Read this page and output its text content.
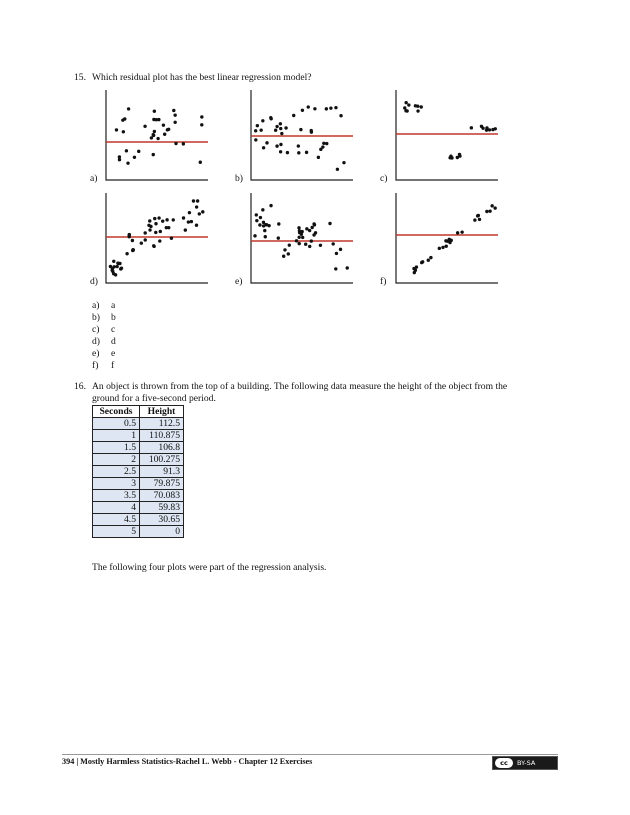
15. Which residual plot has the best linear regression model?
a)	b)	c)
d)	e)	f)
a) a
b) b
c) c
d) d
e) e
f) f
16. An object is thrown from the top of a building. The following data measure the height of the object from the
ground for a five-second period.
Seconds	Height
0.5	112.5
1	110.875
1.5	106.8
2	100.275
2.5	91.3
3	79.875
3.5	70.083
4	59.83
4.5	30.65
5	0
The following four plots were part of the regression analysis.
394 | Mostly Harmless Statistics-Rachel L. Webb - Chapter 12 Exercises	cc	BY-SA
